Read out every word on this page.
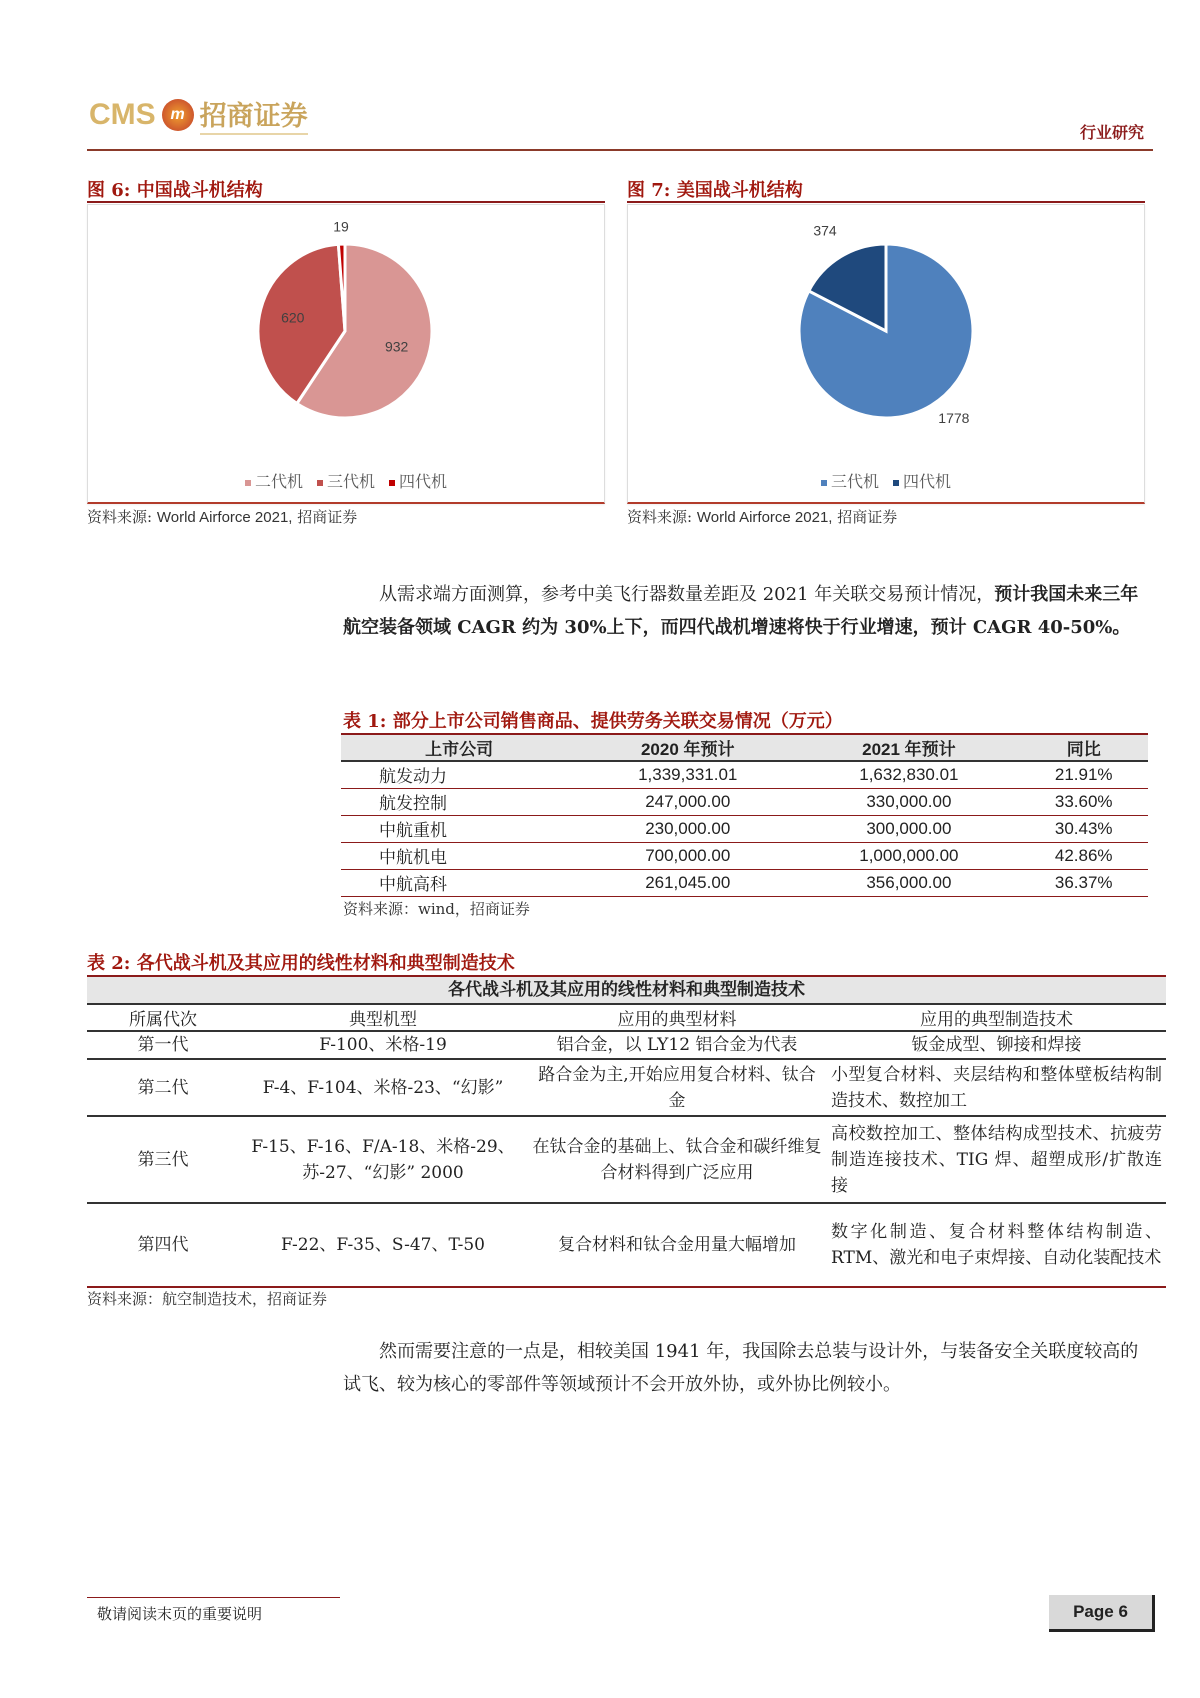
CMS m 招商证券
行业研究
图 6: 中国战斗机结构
932
620
19
二代机	三代机	四代机
资料来源: World Airforce 2021, 招商证券
图 7: 美国战斗机结构
1778
374
三代机	四代机
资料来源: World Airforce 2021, 招商证券
从需求端方面测算，参考中美飞行器数量差距及 2021 年关联交易预计情况，预计我国未来三年航空装备领域 CAGR 约为 30%上下，而四代战机增速将快于行业增速，预计 CAGR 40-50%。
表 1: 部分上市公司销售商品、提供劳务关联交易情况（万元）
上市公司	2020 年预计	2021 年预计	同比
航发动力	1,339,331.01	1,632,830.01	21.91%
航发控制	247,000.00	330,000.00	33.60%
中航重机	230,000.00	300,000.00	30.43%
中航机电	700,000.00	1,000,000.00	42.86%
中航高科	261,045.00	356,000.00	36.37%
资料来源：wind，招商证券
表 2: 各代战斗机及其应用的线性材料和典型制造技术
各代战斗机及其应用的线性材料和典型制造技术			
所属代次	典型机型	应用的典型材料	应用的典型制造技术
第一代	F-100、米格-19	铝合金，以 LY12 铝合金为代表	钣金成型、铆接和焊接
第二代	F-4、F-104、米格-23、“幻影”	路合金为主,开始应用复合材料、钛合金	小型复合材料、夹层结构和整体壁板结构制造技术、数控加工
第三代	F-15、F-16、F/A-18、米格-29、苏-27、“幻影” 2000	在钛合金的基础上、钛合金和碳纤维复合材料得到广泛应用	高校数控加工、整体结构成型技术、抗疲劳制造连接技术、TIG 焊、超塑成形/扩散连接
第四代	F-22、F-35、S-47、T-50	复合材料和钛合金用量大幅增加	数字化制造、复合材料整体结构制造、RTM、激光和电子束焊接、自动化装配技术
资料来源：航空制造技术，招商证券
然而需要注意的一点是，相较美国 1941 年，我国除去总装与设计外，与装备安全关联度较高的试飞、较为核心的零部件等领域预计不会开放外协，或外协比例较小。
敬请阅读末页的重要说明	Page 6
